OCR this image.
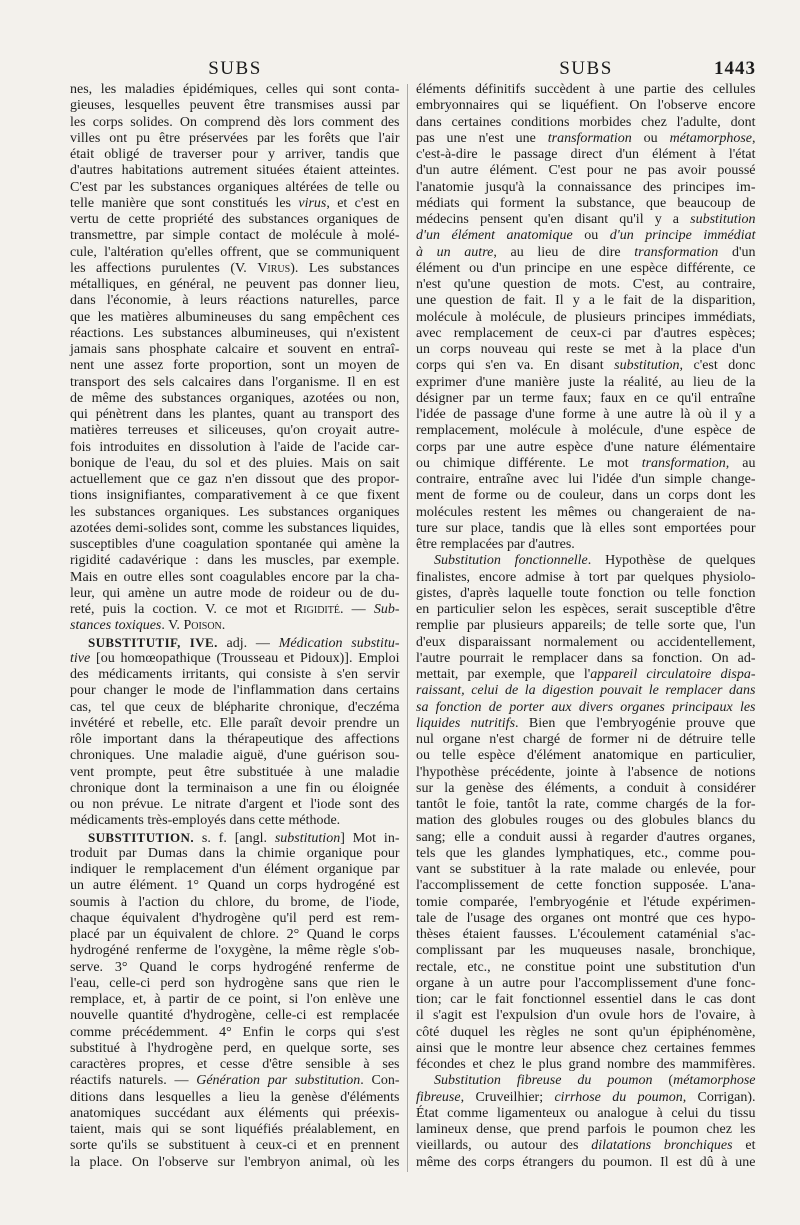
SUBS	SUBS	1443
nes, les maladies épidémiques, celles qui sont conta-
gieuses, lesquelles peuvent être transmises aussi par
les corps solides. On comprend dès lors comment des
villes ont pu être préservées par les forêts que l'air
était obligé de traverser pour y arriver, tandis que
d'autres habitations autrement situées étaient atteintes.
C'est par les substances organiques altérées de telle ou
telle manière que sont constitués les virus, et c'est en
vertu de cette propriété des substances organiques de
transmettre, par simple contact de molécule à molé-
cule, l'altération qu'elles offrent, que se communiquent
les affections purulentes (V. Virus). Les substances
métalliques, en général, ne peuvent pas donner lieu,
dans l'économie, à leurs réactions naturelles, parce
que les matières albumineuses du sang empêchent ces
réactions. Les substances albumineuses, qui n'existent
jamais sans phosphate calcaire et souvent en entraî-
nent une assez forte proportion, sont un moyen de
transport des sels calcaires dans l'organisme. Il en est
de même des substances organiques, azotées ou non,
qui pénètrent dans les plantes, quant au transport des
matières terreuses et siliceuses, qu'on croyait autre-
fois introduites en dissolution à l'aide de l'acide car-
bonique de l'eau, du sol et des pluies. Mais on sait
actuellement que ce gaz n'en dissout que des propor-
tions insignifiantes, comparativement à ce que fixent
les substances organiques. Les substances organiques
azotées demi-solides sont, comme les substances liquides,
susceptibles d'une coagulation spontanée qui amène la
rigidité cadavérique : dans les muscles, par exemple.
Mais en outre elles sont coagulables encore par la cha-
leur, qui amène un autre mode de roideur ou de du-
reté, puis la coction. V. ce mot et Rigidité. — Sub-
stances toxiques. V. Poison.
SUBSTITUTIF, IVE. adj. — Médication substitu-
tive [ou homœopathique (Trousseau et Pidoux)]. Emploi
des médicaments irritants, qui consiste à s'en servir
pour changer le mode de l'inflammation dans certains
cas, tel que ceux de blépharite chronique, d'eczéma
invétéré et rebelle, etc. Elle paraît devoir prendre un
rôle important dans la thérapeutique des affections
chroniques. Une maladie aiguë, d'une guérison sou-
vent prompte, peut être substituée à une maladie
chronique dont la terminaison a une fin ou éloignée
ou non prévue. Le nitrate d'argent et l'iode sont des
médicaments très-employés dans cette méthode.
SUBSTITUTION. s. f. [angl. substitution] Mot in-
troduit par Dumas dans la chimie organique pour
indiquer le remplacement d'un élément organique par
un autre élément. 1° Quand un corps hydrogéné est
soumis à l'action du chlore, du brome, de l'iode,
chaque équivalent d'hydrogène qu'il perd est rem-
placé par un équivalent de chlore. 2° Quand le corps
hydrogéné renferme de l'oxygène, la même règle s'ob-
serve. 3° Quand le corps hydrogéné renferme de
l'eau, celle-ci perd son hydrogène sans que rien le
remplace, et, à partir de ce point, si l'on enlève une
nouvelle quantité d'hydrogène, celle-ci est remplacée
comme précédemment. 4° Enfin le corps qui s'est
substitué à l'hydrogène perd, en quelque sorte, ses
caractères propres, et cesse d'être sensible à ses
réactifs naturels. — Génération par substitution. Con-
ditions dans lesquelles a lieu la genèse d'éléments
anatomiques succédant aux éléments qui préexis-
taient, mais qui se sont liquéfiés préalablement, en
sorte qu'ils se substituent à ceux-ci et en prennent
la place. On l'observe sur l'embryon animal, où les
éléments définitifs succèdent à une partie des cellules
embryonnaires qui se liquéfient. On l'observe encore
dans certaines conditions morbides chez l'adulte, dont
pas une n'est une transformation ou métamorphose,
c'est-à-dire le passage direct d'un élément à l'état
d'un autre élément. C'est pour ne pas avoir poussé
l'anatomie jusqu'à la connaissance des principes im-
médiats qui forment la substance, que beaucoup de
médecins pensent qu'en disant qu'il y a substitution
d'un élément anatomique ou d'un principe immédiat
à un autre, au lieu de dire transformation d'un
élément ou d'un principe en une espèce différente, ce
n'est qu'une question de mots. C'est, au contraire,
une question de fait. Il y a le fait de la disparition,
molécule à molécule, de plusieurs principes immédiats,
avec remplacement de ceux-ci par d'autres espèces;
un corps nouveau qui reste se met à la place d'un
corps qui s'en va. En disant substitution, c'est donc
exprimer d'une manière juste la réalité, au lieu de la
désigner par un terme faux; faux en ce qu'il entraîne
l'idée de passage d'une forme à une autre là où il y a
remplacement, molécule à molécule, d'une espèce de
corps par une autre espèce d'une nature élémentaire
ou chimique différente. Le mot transformation, au
contraire, entraîne avec lui l'idée d'un simple change-
ment de forme ou de couleur, dans un corps dont les
molécules restent les mêmes ou changeraient de na-
ture sur place, tandis que là elles sont emportées pour
être remplacées par d'autres.
Substitution fonctionnelle. Hypothèse de quelques
finalistes, encore admise à tort par quelques physiolo-
gistes, d'après laquelle toute fonction ou telle fonction
en particulier selon les espèces, serait susceptible d'être
remplie par plusieurs appareils; de telle sorte que, l'un
d'eux disparaissant normalement ou accidentellement,
l'autre pourrait le remplacer dans sa fonction. On ad-
mettait, par exemple, que l'appareil circulatoire dispa-
raissant, celui de la digestion pouvait le remplacer dans
sa fonction de porter aux divers organes principaux les
liquides nutritifs. Bien que l'embryogénie prouve que
nul organe n'est chargé de former ni de détruire telle
ou telle espèce d'élément anatomique en particulier,
l'hypothèse précédente, jointe à l'absence de notions
sur la genèse des éléments, a conduit à considérer
tantôt le foie, tantôt la rate, comme chargés de la for-
mation des globules rouges ou des globules blancs du
sang; elle a conduit aussi à regarder d'autres organes,
tels que les glandes lymphatiques, etc., comme pou-
vant se substituer à la rate malade ou enlevée, pour
l'accomplissement de cette fonction supposée. L'ana-
tomie comparée, l'embryogénie et l'étude expérimen-
tale de l'usage des organes ont montré que ces hypo-
thèses étaient fausses. L'écoulement cataménial s'ac-
complissant par les muqueuses nasale, bronchique,
rectale, etc., ne constitue point une substitution d'un
organe à un autre pour l'accomplissement d'une fonc-
tion; car le fait fonctionnel essentiel dans le cas dont
il s'agit est l'expulsion d'un ovule hors de l'ovaire, à
côté duquel les règles ne sont qu'un épiphénomène,
ainsi que le montre leur absence chez certaines femmes
fécondes et chez le plus grand nombre des mammifères.
Substitution fibreuse du poumon (métamorphose
fibreuse, Cruveilhier; cirrhose du poumon, Corrigan).
État comme ligamenteux ou analogue à celui du tissu
lamineux dense, que prend parfois le poumon chez les
vieillards, ou autour des dilatations bronchiques et
même des corps étrangers du poumon. Il est dû à une
